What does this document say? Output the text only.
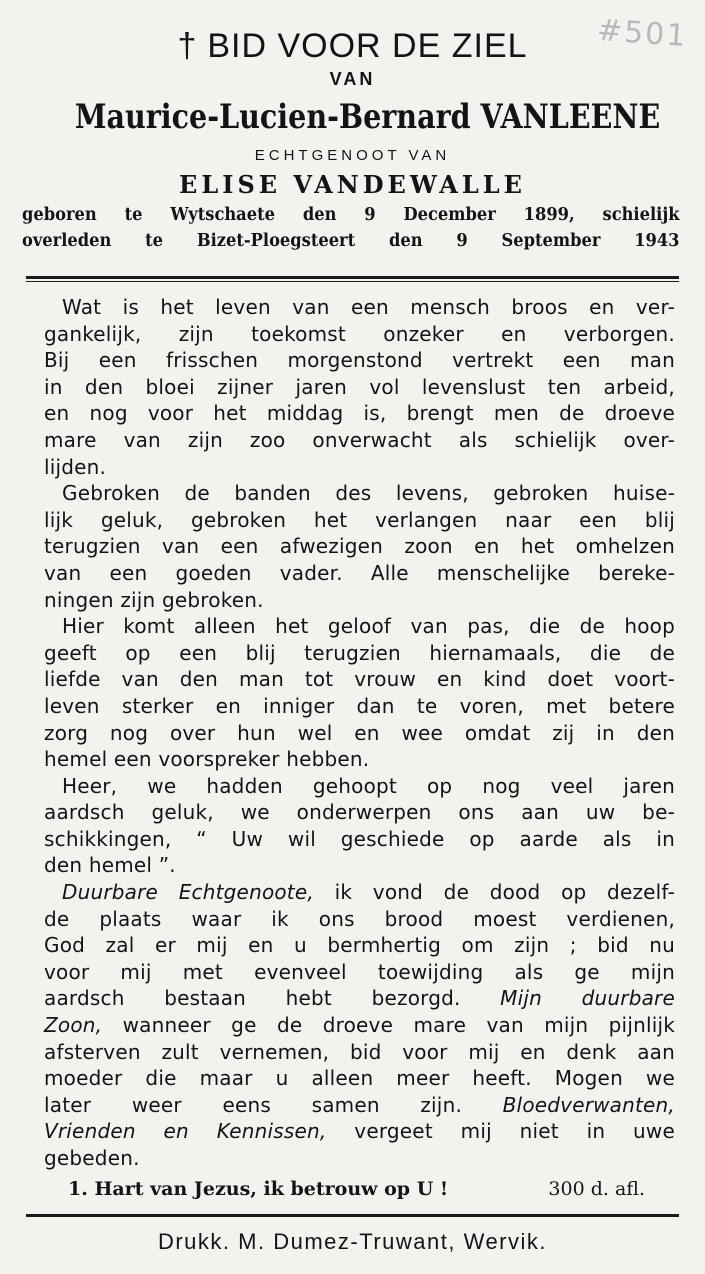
#501
† BID VOOR DE ZIEL
VAN
Maurice-Lucien-Bernard VANLEENE
ECHTGENOOT VAN
ELISE VANDEWALLE
geboren te Wytschaete den 9 December 1899, schielijk
overleden te Bizet-Ploegsteert den 9 September 1943
Wat is het leven van een mensch broos en ver-
gankelijk, zijn toekomst onzeker en verborgen.
Bij een frisschen morgenstond vertrekt een man
in den bloei zijner jaren vol levenslust ten arbeid,
en nog voor het middag is, brengt men de droeve
mare van zijn zoo onverwacht als schielijk over-
lijden.
Gebroken de banden des levens, gebroken huise-
lijk geluk, gebroken het verlangen naar een blij
terugzien van een afwezigen zoon en het omhelzen
van een goeden vader. Alle menschelijke bereke-
ningen zijn gebroken.
Hier komt alleen het geloof van pas, die de hoop
geeft op een blij terugzien hiernamaals, die de
liefde van den man tot vrouw en kind doet voort-
leven sterker en inniger dan te voren, met betere
zorg nog over hun wel en wee omdat zij in den
hemel een voorspreker hebben.
Heer, we hadden gehoopt op nog veel jaren
aardsch geluk, we onderwerpen ons aan uw be-
schikkingen, “ Uw wil geschiede op aarde als in
den hemel ”.
Duurbare Echtgenoote, ik vond de dood op dezelf-
de plaats waar ik ons brood moest verdienen,
God zal er mij en u bermhertig om zijn ; bid nu
voor mij met evenveel toewijding als ge mijn
aardsch bestaan hebt bezorgd. Mijn duurbare
Zoon, wanneer ge de droeve mare van mijn pijnlijk
afsterven zult vernemen, bid voor mij en denk aan
moeder die maar u alleen meer heeft. Mogen we
later weer eens samen zijn. Bloedverwanten,
Vrienden en Kennissen, vergeet mij niet in uwe
gebeden.
1. Hart van Jezus, ik betrouw op U !	300 d. afl.
Drukk. M. Dumez-Truwant, Wervik.
